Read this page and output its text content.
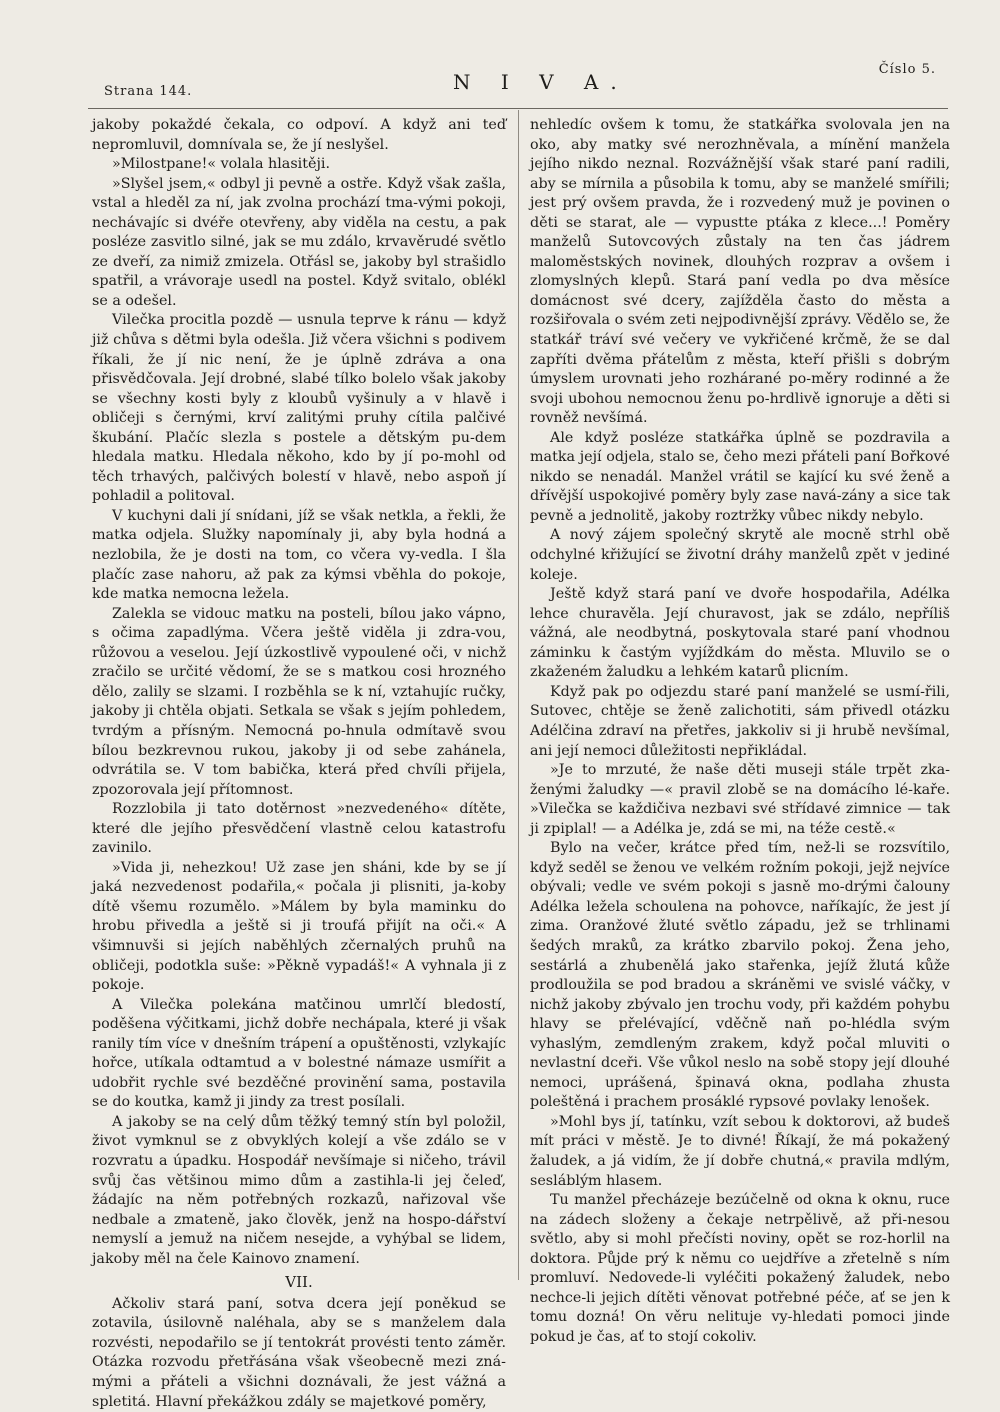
Strana 144.	N I V A.
Číslo 5.

jakoby pokaždé čekala, co odpoví. A když ani teď nepromluvil, domnívala se, že jí neslyšel.

»Milostpane!« volala hlasitěji.

»Slyšel jsem,« odbyl ji pevně a ostře. Když však zašla, vstal a hleděl za ní, jak zvolna prochází tma-vými pokoji, nechávajíc si dvéře otevřeny, aby viděla na cestu, a pak posléze zasvitlo silné, jak se mu zdálo, krvavěrudé světlo ze dveří, za nimiž zmizela. Otřásl se, jakoby byl strašidlo spatřil, a vrávoraje usedl na postel. Když svitalo, oblékl se a odešel.

Vilečka procitla pozdě — usnula teprve k ránu — když již chůva s dětmi byla odešla. Již včera všichni s podivem říkali, že jí nic není, že je úplně zdráva a ona přisvědčovala. Její drobné, slabé tílko bolelo však jakoby se všechny kosti byly z kloubů vyšinuly a v hlavě i obličeji s černými, krví zalitými pruhy cítila palčivé škubání. Plačíc slezla s postele a dětským pu-dem hledala matku. Hledala někoho, kdo by jí po-mohl od těch trhavých, palčivých bolestí v hlavě, nebo aspoň jí pohladil a politoval.

V kuchyni dali jí snídani, jíž se však netkla, a řekli, že matka odjela. Služky napomínaly ji, aby byla hodná a nezlobila, že je dosti na tom, co včera vy-vedla. I šla plačíc zase nahoru, až pak za kýmsi vběhla do pokoje, kde matka nemocna ležela.

Zalekla se vidouc matku na posteli, bílou jako vápno, s očima zapadlýma. Včera ještě viděla ji zdra-vou, růžovou a veselou. Její úzkostlivě vypoulené oči, v nichž zračilo se určité vědomí, že se s matkou cosi hrozného dělo, zalily se slzami. I rozběhla se k ní, vztahujíc ručky, jakoby ji chtěla objati. Setkala se však s jejím pohledem, tvrdým a přísným. Nemocná po-hnula odmítavě svou bílou bezkrevnou rukou, jakoby ji od sebe zahánela, odvrátila se. V tom babička, která před chvíli přijela, zpozorovala její přítomnost.

Rozzlobila ji tato dotěrnost »nezvedeného« dítěte, které dle jejího přesvědčení vlastně celou katastrofu zavinilo.

»Vida ji, nehezkou! Už zase jen sháni, kde by se jí jaká nezvedenost podařila,« počala ji plisniti, ja-koby dítě všemu rozumělo. »Málem by byla maminku do hrobu přivedla a ještě si ji troufá přijít na oči.« A všimnuvši si jejích naběhlých zčernalých pruhů na obličeji, podotkla suše: »Pěkně vypadáš!« A vyhnala ji z pokoje.

A Vilečka polekána matčinou umrlčí bledostí, poděšena výčitkami, jichž dobře nechápala, které ji však ranily tím více v dnešním trápení a opuštěnosti, vzlykajíc hořce, utíkala odtamtud a v bolestné námaze usmířit a udobřit rychle své bezděčné provinění sama, postavila se do koutka, kamž ji jindy za trest posílali.

A jakoby se na celý dům těžký temný stín byl položil, život vymknul se z obvyklých kolejí a vše zdálo se v rozvratu a úpadku. Hospodář nevšímaje si ničeho, trávil svůj čas většinou mimo dům a zastihla-li jej čeleď, žádajíc na něm potřebných rozkazů, nařizoval vše nedbale a zmateně, jako člověk, jenž na hospo-dářství nemyslí a jemuž na ničem nesejde, a vyhýbal se lidem, jakoby měl na čele Kainovo znamení.

VII.

Ačkoliv stará paní, sotva dcera její poněkud se zotavila, úsilovně naléhala, aby se s manželem dala rozvésti, nepodařilo se jí tentokrát provésti tento záměr. Otázka rozvodu přetřásána však všeobecně mezi zná-mými a přáteli a všichni doznávali, že jest vážná a spletitá. Hlavní překážkou zdály se majetkové poměry,

nehledíc ovšem k tomu, že statkářka svolovala jen na oko, aby matky své nerozhněvala, a mínění manžela jejího nikdo neznal. Rozvážnější však staré paní radili, aby se mírnila a působila k tomu, aby se manželé smířili; jest prý ovšem pravda, že i rozvedený muž je povinen o děti se starat, ale — vypustte ptáka z klece...! Poměry manželů Sutovcových zůstaly na ten čas jádrem maloměstských novinek, dlouhých rozprav a ovšem i zlomyslných klepů. Stará paní vedla po dva měsíce domácnost své dcery, zajížděla často do města a rozšiřovala o svém zeti nejpodivnější zprávy. Vědělo se, že statkář tráví své večery ve vykřičené krčmě, že se dal zapříti dvěma přátelům z města, kteří přišli s dobrým úmyslem urovnati jeho rozhárané po-měry rodinné a že svoji ubohou nemocnou ženu po-hrdlivě ignoruje a děti si rovněž nevšímá.

Ale když posléze statkářka úplně se pozdravila a matka její odjela, stalo se, čeho mezi přáteli paní Bořkové nikdo se nenadál. Manžel vrátil se kající ku své ženě a dřívější uspokojivé poměry byly zase navá-zány a sice tak pevně a jednolitě, jakoby roztržky vůbec nikdy nebylo.

A nový zájem společný skrytě ale mocně strhl obě odchylné křižující se životní dráhy manželů zpět v jediné koleje.

Ještě když stará paní ve dvoře hospodařila, Adélka lehce churavěla. Její churavost, jak se zdálo, nepříliš vážná, ale neodbytná, poskytovala staré paní vhodnou záminku k častým vyjíždkám do města. Mluvilo se o zkaženém žaludku a lehkém katarů plicním.

Když pak po odjezdu staré paní manželé se usmí-řili, Sutovec, chtěje se ženě zalichotiti, sám přivedl otázku Adélčina zdraví na přetřes, jakkoliv si ji hrubě nevšímal, ani její nemoci důležitosti nepřikládal.

»Je to mrzuté, že naše děti museji stále trpět zka-ženými žaludky —« pravil zlobě se na domácího lé-kaře. »Vilečka se každičiva nezbavi své střídavé zimnice — tak ji zpiplal! — a Adélka je, zdá se mi, na téže cestě.«

Bylo na večer, krátce před tím, než-li se rozsvítilo, když seděl se ženou ve velkém rožním pokoji, jejž nejvíce obývali; vedle ve svém pokoji s jasně mo-drými čalouny Adélka ležela schoulena na pohovce, naříkajíc, že jest jí zima. Oranžové žluté světlo západu, jež se trhlinami šedých mraků, za krátko zbarvilo pokoj. Žena jeho, sestárlá a zhubenělá jako stařenka, jejíž žlutá kůže prodloužila se pod bradou a skráněmi ve svislé váčky, v nichž jakoby zbývalo jen trochu vody, při každém pohybu hlavy se přelévající, vděčně naň po-hlédla svým vyhaslým, zemdleným zrakem, když počal mluviti o nevlastní dceři. Vše vůkol neslo na sobě stopy její dlouhé nemoci, uprášená, špinavá okna, podlaha zhusta poleštěná i prachem prosáklé rypsové povlaky lenošek.

»Mohl bys jí, tatínku, vzít sebou k doktorovi, až budeš mít práci v městě. Je to divné! Říkají, že má pokažený žaludek, a já vidím, že jí dobře chutná,« pravila mdlým, sesláblým hlasem.

Tu manžel přecházeje bezúčelně od okna k oknu, ruce na zádech složeny a čekaje netrpělivě, až při-nesou světlo, aby si mohl přečísti noviny, opět se roz-horlil na doktora. Půjde prý k němu co uejdříve a zřetelně s ním promluví. Nedovede-li vyléčiti pokažený žaludek, nebo nechce-li jejich dítěti věnovat potřebné péče, ať se jen k tomu dozná! On věru nelituje vy-hledati pomoci jinde pokud je čas, ať to stojí cokoliv.
